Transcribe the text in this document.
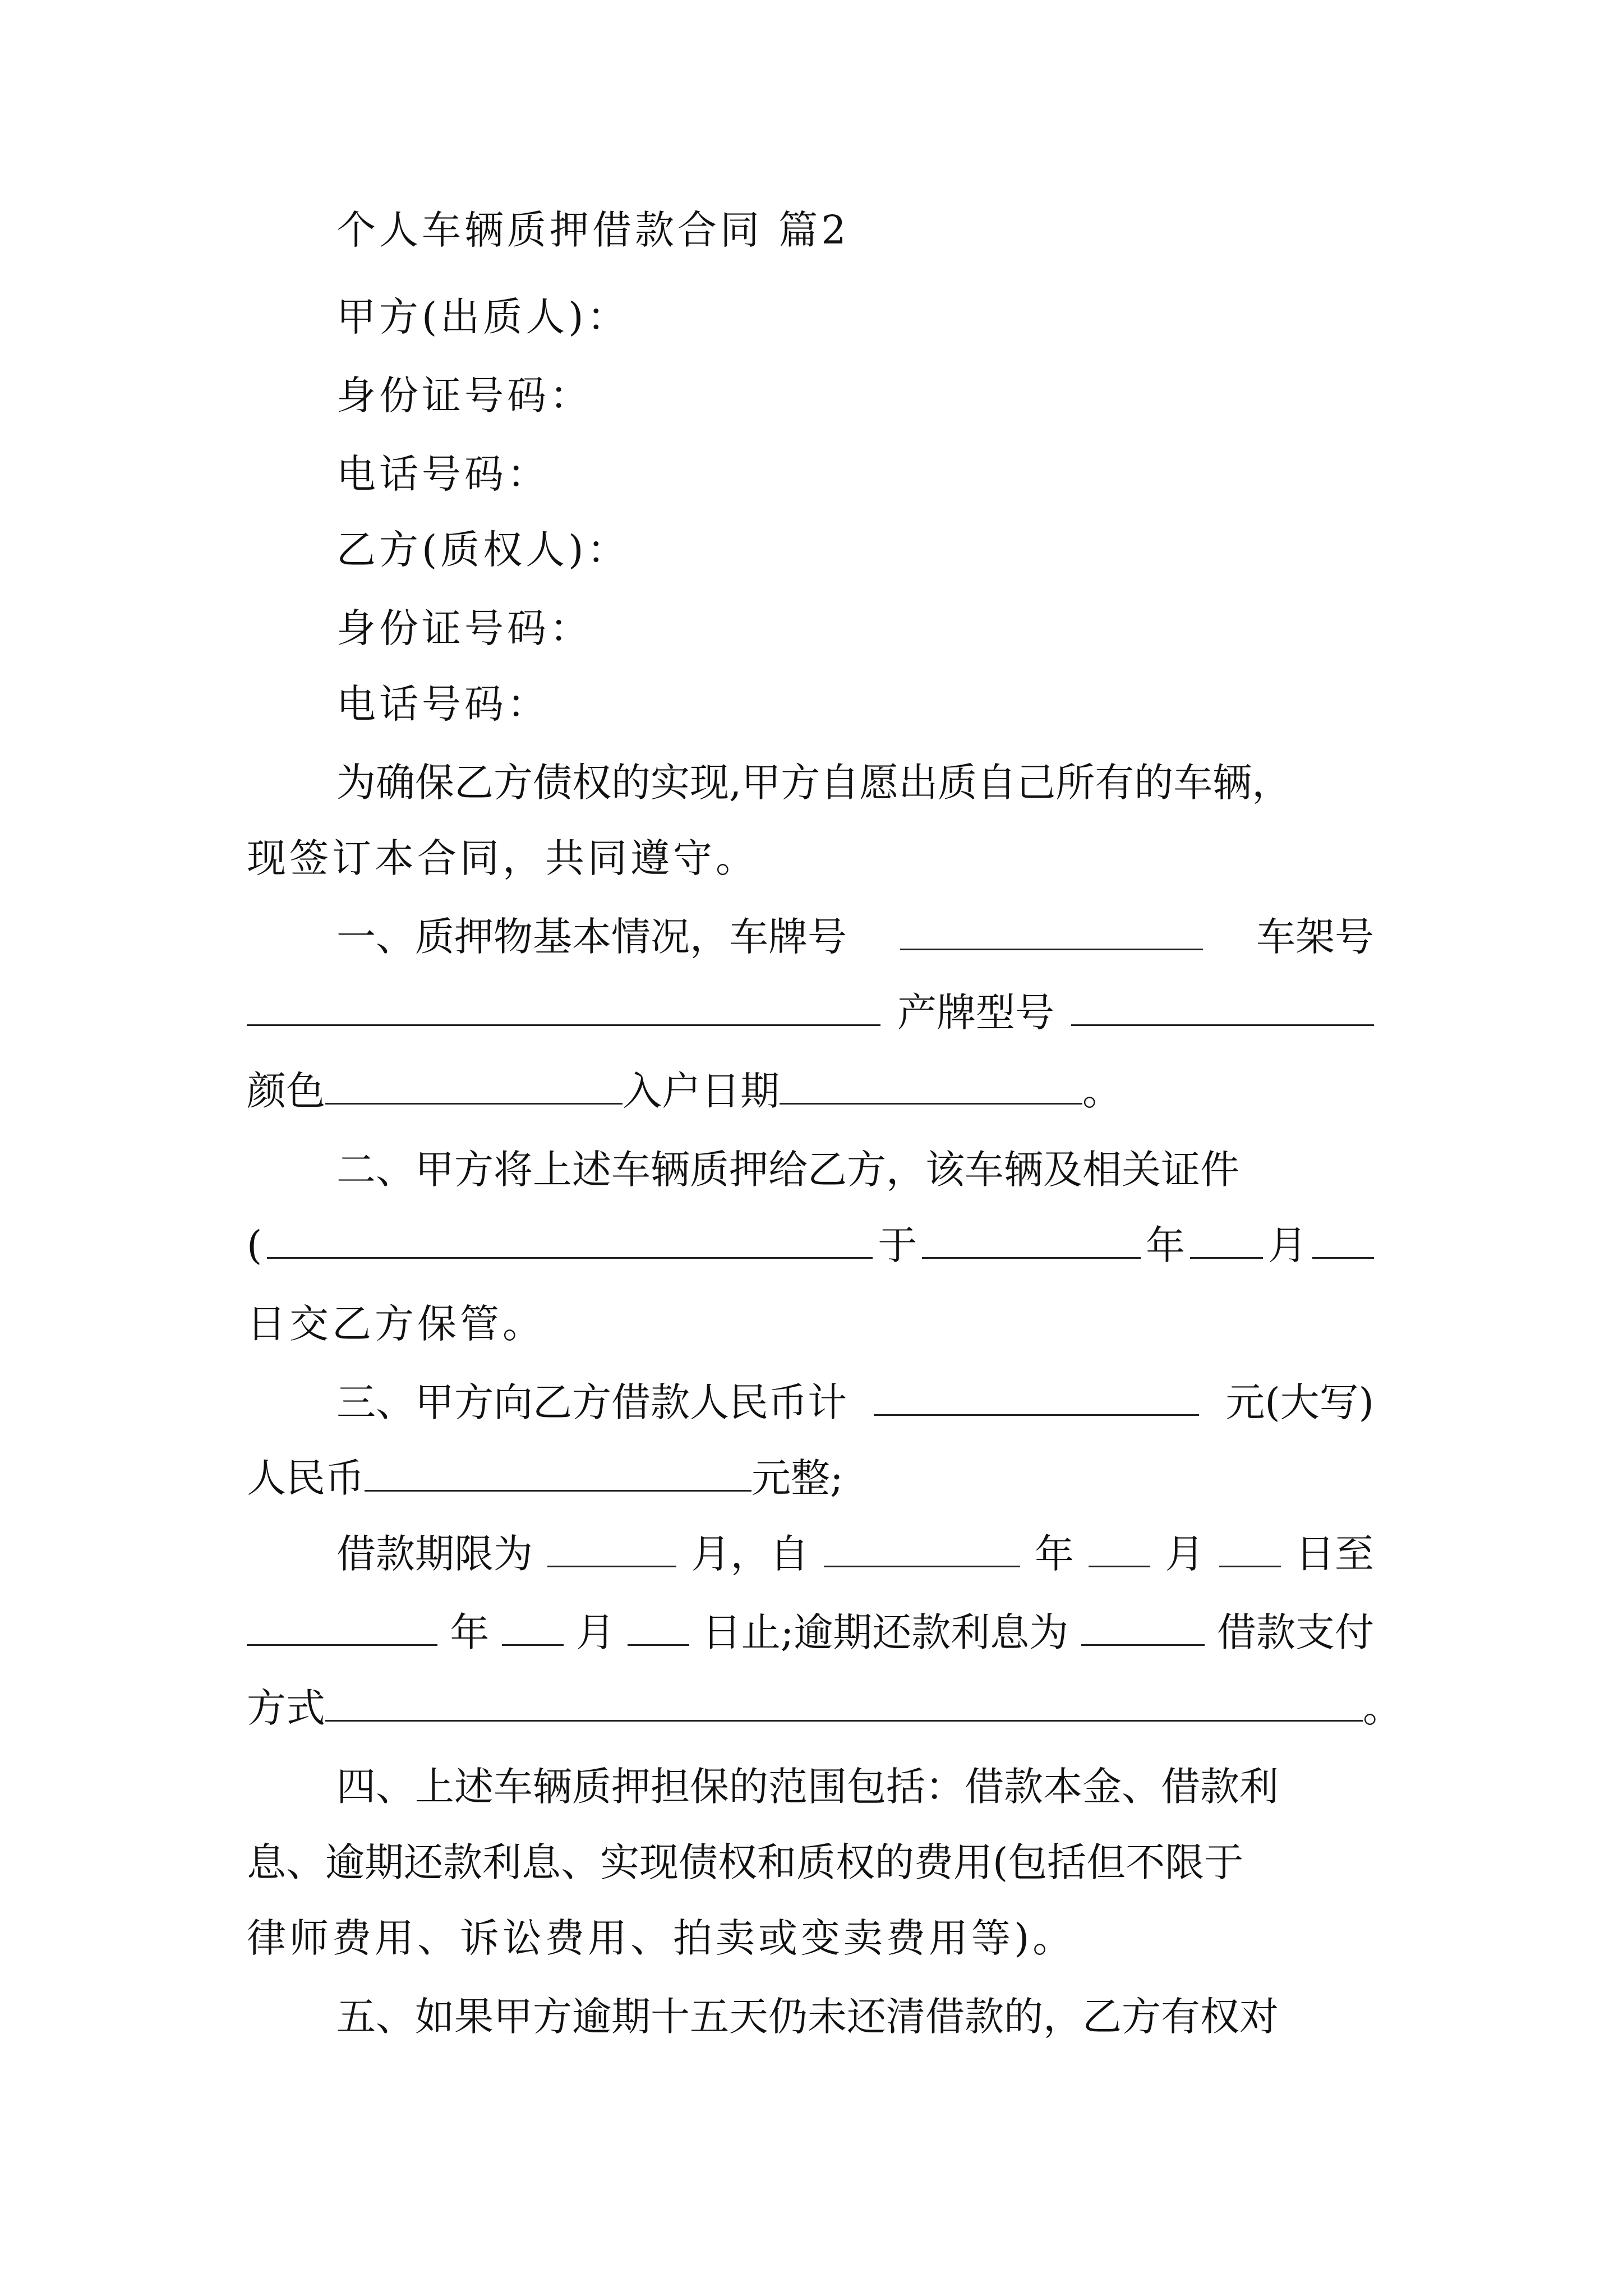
个人车辆质押借款合同 篇2
甲方(出质人)：
身份证号码：
电话号码：
乙方(质权人)：
身份证号码：
电话号码：
为确保乙方债权的实现,甲方自愿出质自己所有的车辆，
现签订本合同，共同遵守。
一、质押物基本情况，车牌号	车架号
产牌型号
颜色	入户日期	。
二、甲方将上述车辆质押给乙方，该车辆及相关证件
(	于	年 月
日交乙方保管。
三、甲方向乙方借款人民币计	元(大写)
人民币	元整;
借款期限为	月，自	年 月 日至
年 月 日止;逾期还款利息为	借款支付
方式	。
四、上述车辆质押担保的范围包括：借款本金、借款利
息、逾期还款利息、实现债权和质权的费用(包括但不限于
律师费用、诉讼费用、拍卖或变卖费用等)。
五、如果甲方逾期十五天仍未还清借款的，乙方有权对
